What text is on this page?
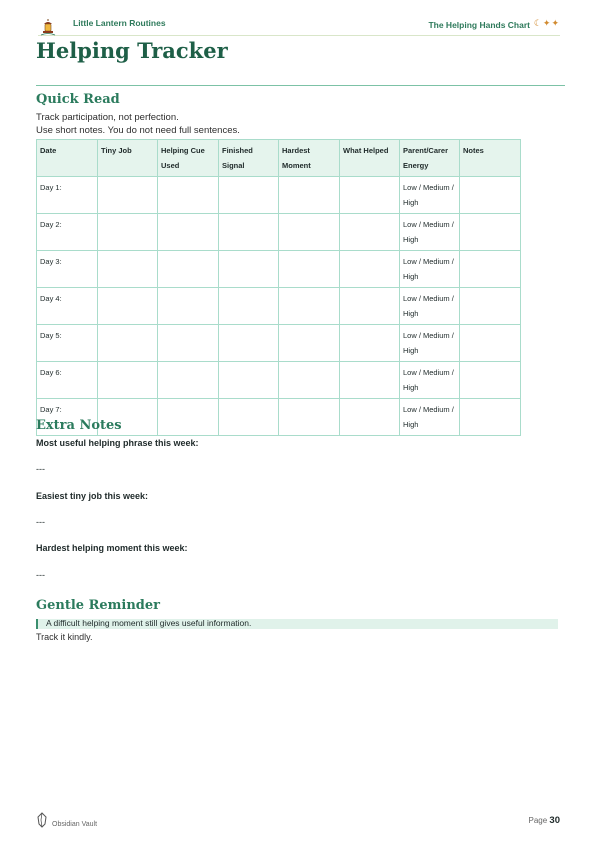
Little Lantern Routines	The Helping Hands Chart ☾✦✦
Helping Tracker
Quick Read
Track participation, not perfection.
Use short notes. You do not need full sentences.
Date	Tiny Job	Helping Cue Used	Finished Signal	Hardest Moment	What Helped	Parent/Carer Energy	Notes
Day 1:						Low / Medium / High	
Day 2:						Low / Medium / High	
Day 3:						Low / Medium / High	
Day 4:						Low / Medium / High	
Day 5:						Low / Medium / High	
Day 6:						Low / Medium / High	
Day 7:						Low / Medium / High	
Extra Notes
Most useful helping phrase this week:
---
Easiest tiny job this week:
---
Hardest helping moment this week:
---
Gentle Reminder
A difficult helping moment still gives useful information.
Track it kindly.
Obsidian Vault	Page 30
